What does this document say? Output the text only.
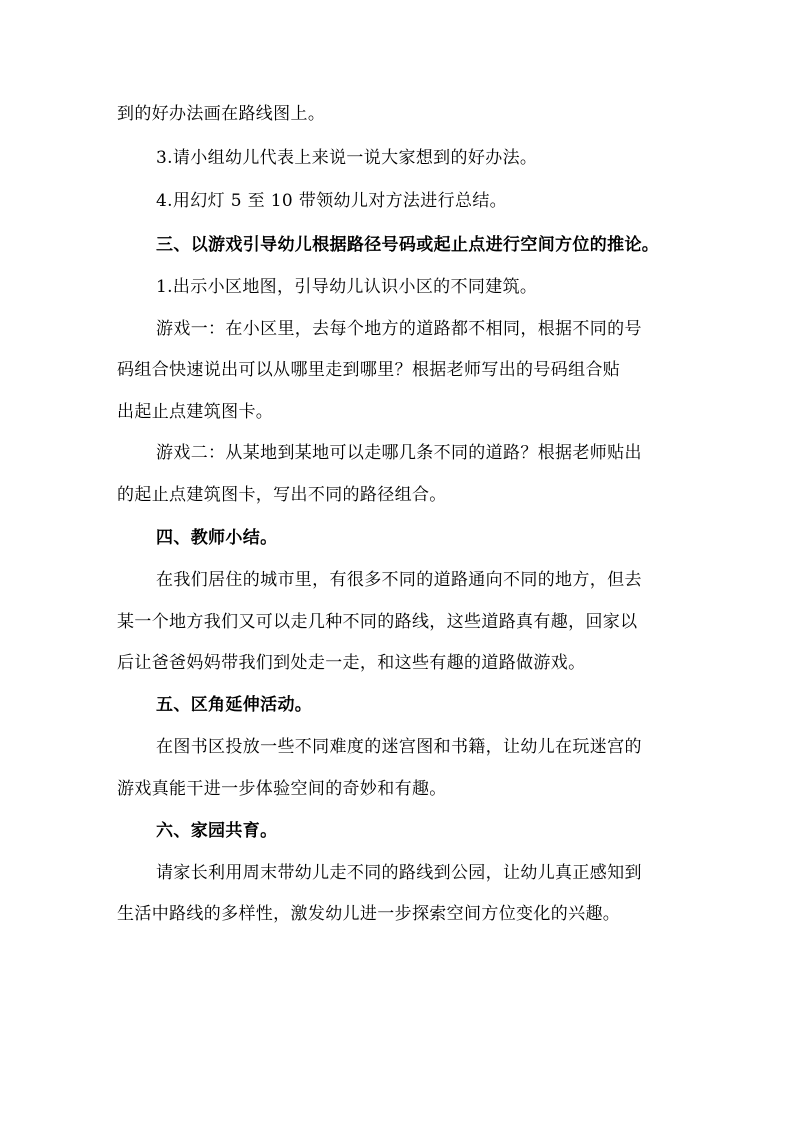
到的好办法画在路线图上。
3.请小组幼儿代表上来说一说大家想到的好办法。
4.用幻灯 5 至 10 带领幼儿对方法进行总结。
三、以游戏引导幼儿根据路径号码或起止点进行空间方位的推论。
1.出示小区地图，引导幼儿认识小区的不同建筑。
游戏一：在小区里，去每个地方的道路都不相同，根据不同的号
码组合快速说出可以从哪里走到哪里？根据老师写出的号码组合贴
出起止点建筑图卡。
游戏二：从某地到某地可以走哪几条不同的道路？根据老师贴出
的起止点建筑图卡，写出不同的路径组合。
四、教师小结。
在我们居住的城市里，有很多不同的道路通向不同的地方，但去
某一个地方我们又可以走几种不同的路线，这些道路真有趣，回家以
后让爸爸妈妈带我们到处走一走，和这些有趣的道路做游戏。
五、区角延伸活动。
在图书区投放一些不同难度的迷宫图和书籍，让幼儿在玩迷宫的
游戏真能干进一步体验空间的奇妙和有趣。
六、家园共育。
请家长利用周末带幼儿走不同的路线到公园，让幼儿真正感知到
生活中路线的多样性，激发幼儿进一步探索空间方位变化的兴趣。
